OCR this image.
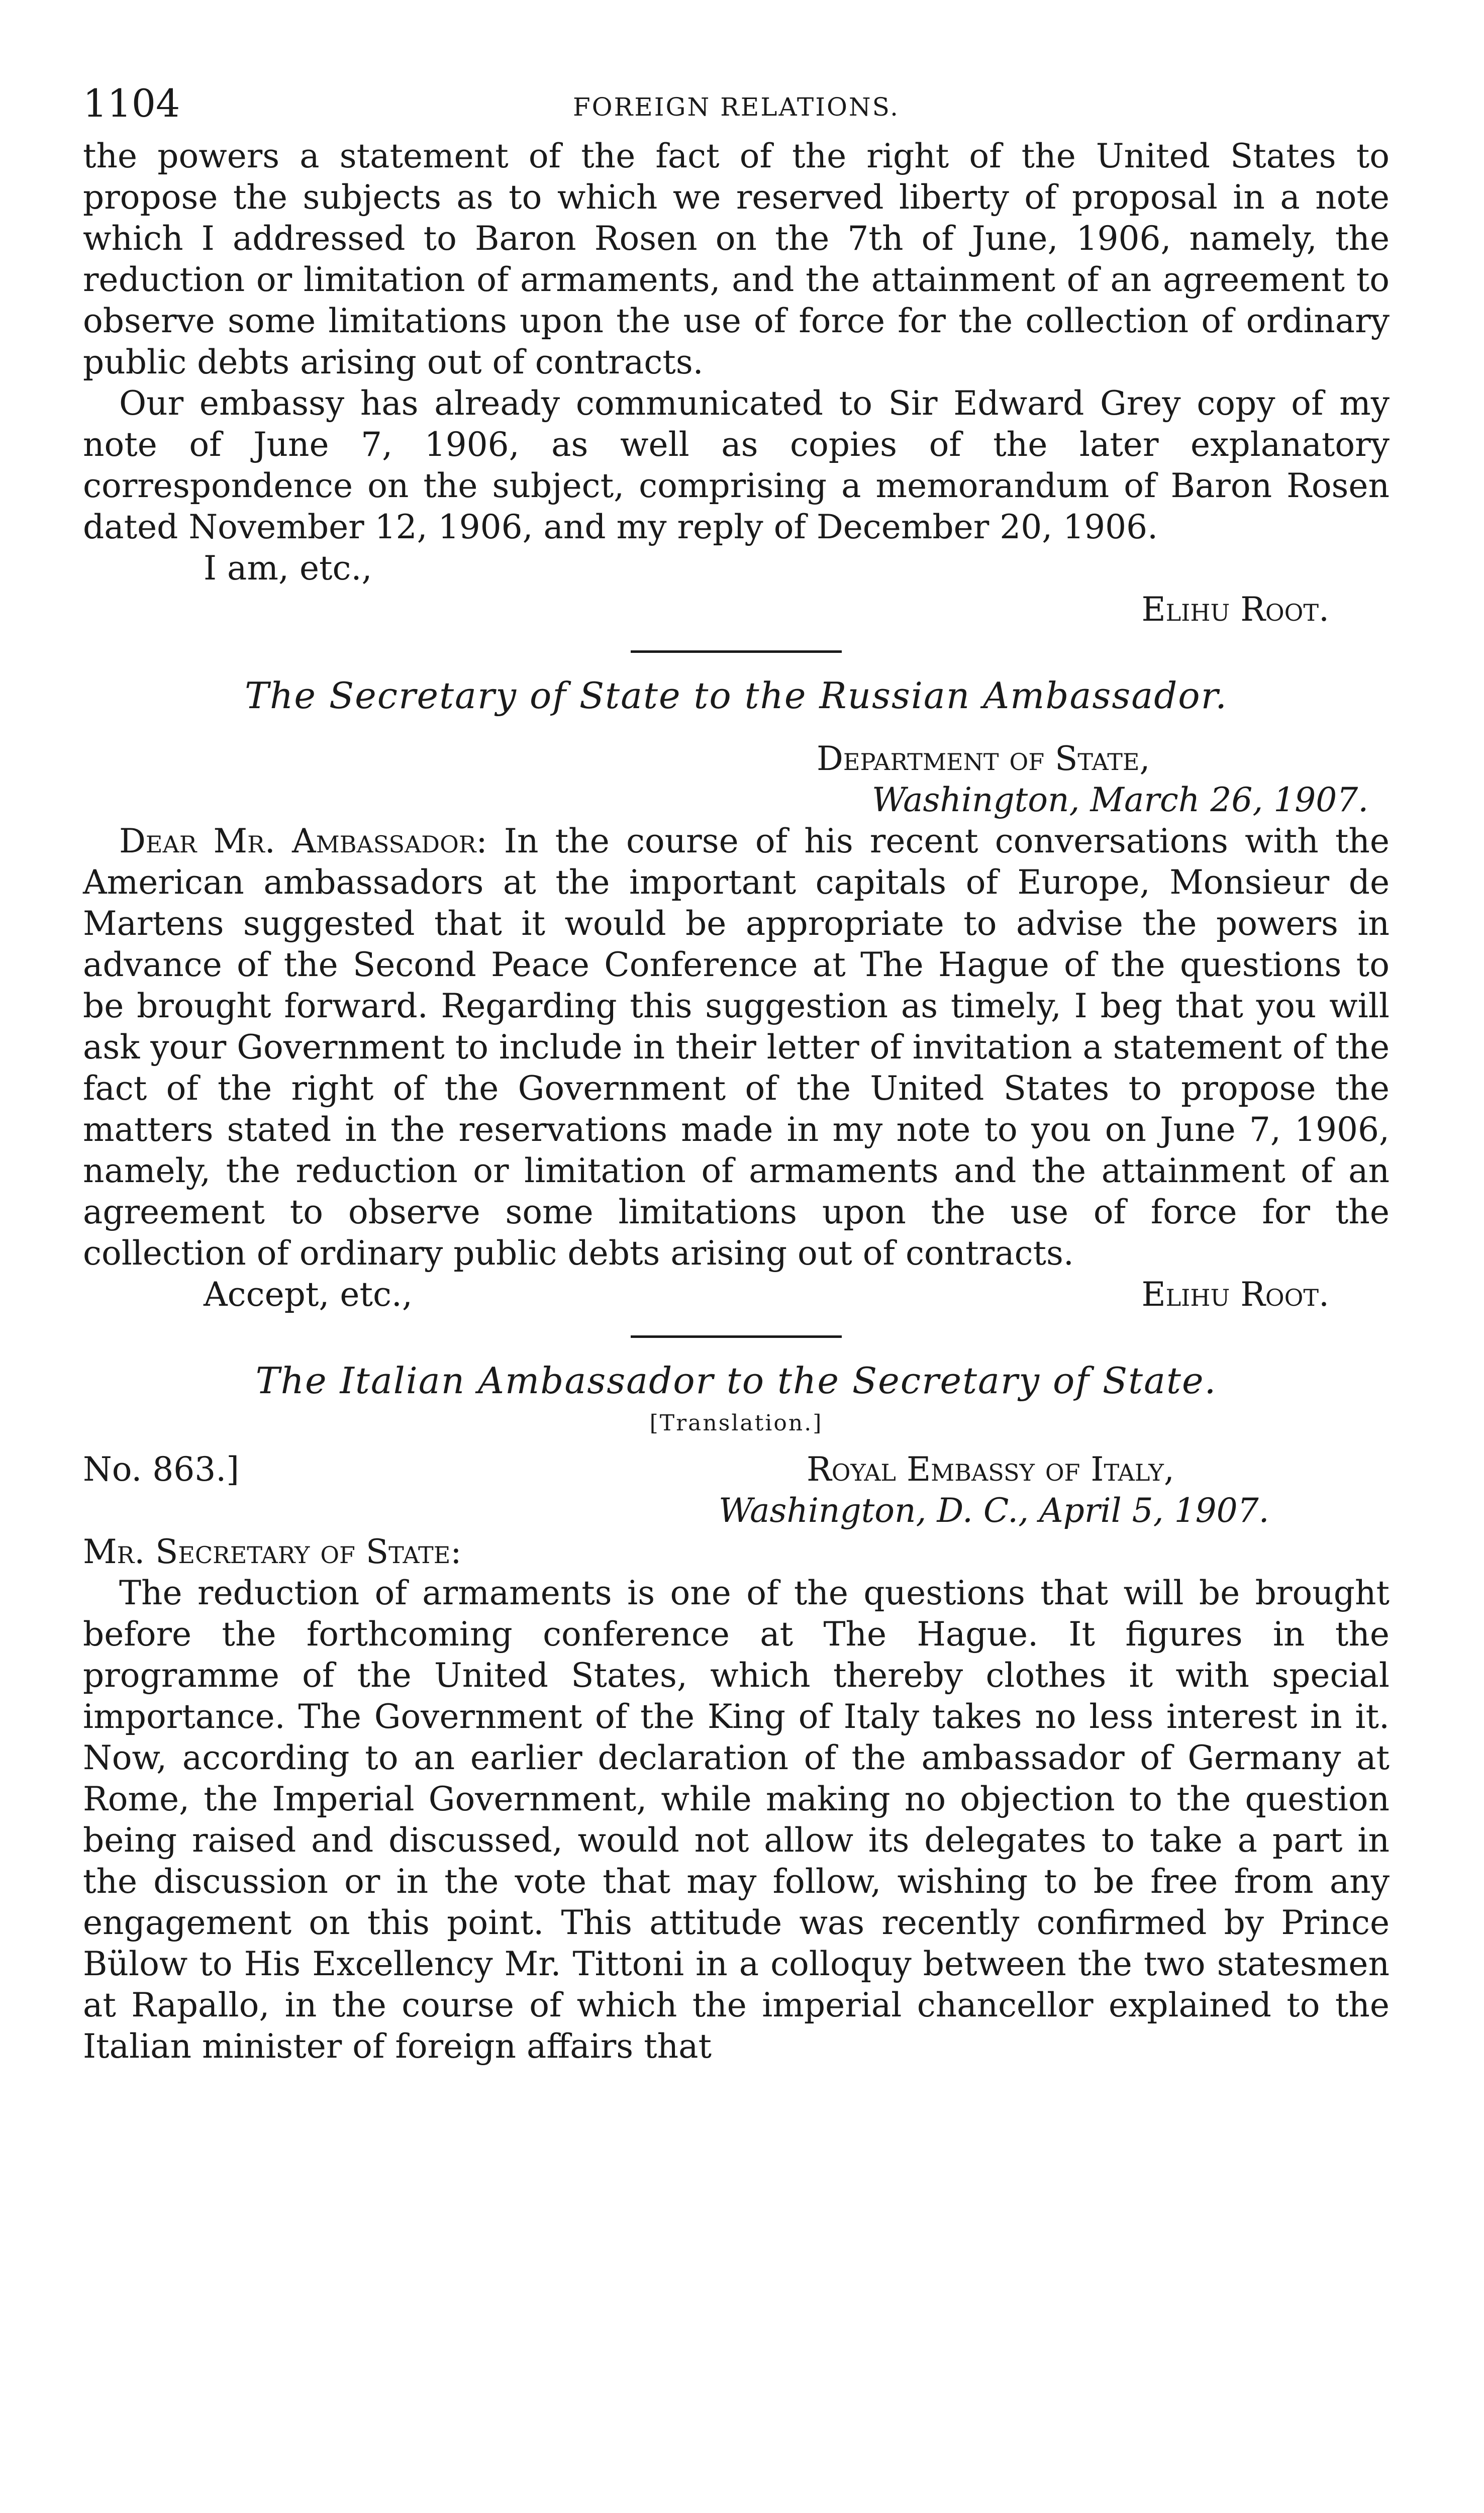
1104	FOREIGN RELATIONS.

the powers a statement of the fact of the right of the United States to propose the subjects as to which we reserved liberty of proposal in a note which I addressed to Baron Rosen on the 7th of June, 1906, namely, the reduction or limitation of armaments, and the attainment of an agreement to observe some limitations upon the use of force for the collection of ordinary public debts arising out of contracts.

Our embassy has already communicated to Sir Edward Grey copy of my note of June 7, 1906, as well as copies of the later explanatory correspondence on the subject, comprising a memorandum of Baron Rosen dated November 12, 1906, and my reply of December 20, 1906.

I am, etc.,
Elihu Root.
The Secretary of State to the Russian Ambassador.
Department of State,
Washington, March 26, 1907.

Dear Mr. Ambassador: In the course of his recent conversations with the American ambassadors at the important capitals of Europe, Monsieur de Martens suggested that it would be appropriate to advise the powers in advance of the Second Peace Conference at The Hague of the questions to be brought forward. Regarding this suggestion as timely, I beg that you will ask your Government to include in their letter of invitation a statement of the fact of the right of the Government of the United States to propose the matters stated in the reservations made in my note to you on June 7, 1906, namely, the reduction or limitation of armaments and the attainment of an agreement to observe some limitations upon the use of force for the collection of ordinary public debts arising out of contracts.

Accept, etc.,	Elihu Root.
The Italian Ambassador to the Secretary of State.
[Translation.]
No. 863.]	Royal Embassy of Italy,
Washington, D. C., April 5, 1907.
Mr. Secretary of State:

The reduction of armaments is one of the questions that will be brought before the forthcoming conference at The Hague. It figures in the programme of the United States, which thereby clothes it with special importance. The Government of the King of Italy takes no less interest in it. Now, according to an earlier declaration of the ambassador of Germany at Rome, the Imperial Government, while making no objection to the question being raised and discussed, would not allow its delegates to take a part in the discussion or in the vote that may follow, wishing to be free from any engagement on this point. This attitude was recently confirmed by Prince Bülow to His Excellency Mr. Tittoni in a colloquy between the two statesmen at Rapallo, in the course of which the imperial chancellor explained to the Italian minister of foreign affairs that
